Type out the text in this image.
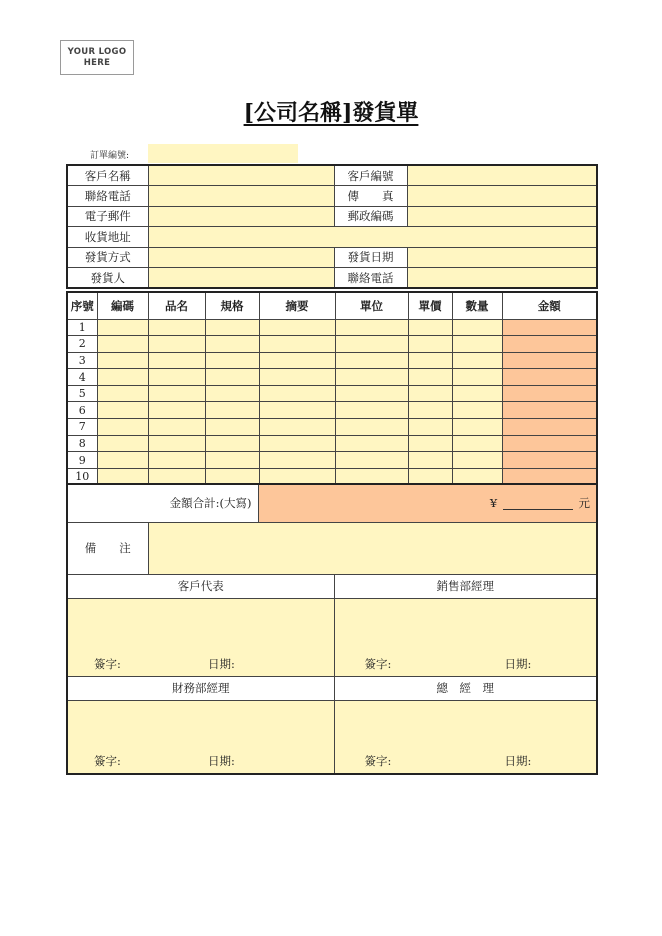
YOUR LOGO
HERE
[公司名稱]發貨單
訂單編號:
客戶名稱		客戶編號	
聯絡電話		傳　　真	
電子郵件		郵政編碼	
收貨地址			
發貨方式		發貨日期	
發貨人		聯絡電話	
序號	編碼	品名	規格	摘要	單位	單價	數量	金額
1								
2								
3								
4								
5								
6								
7								
8								
9								
10								
金額合計:(大寫)		¥ 元	
備　　注			
客戶代表			銷售部經理

簽字: 日期:			簽字: 日期:

財務部經理			總　經　理

簽字: 日期:			簽字: 日期:
